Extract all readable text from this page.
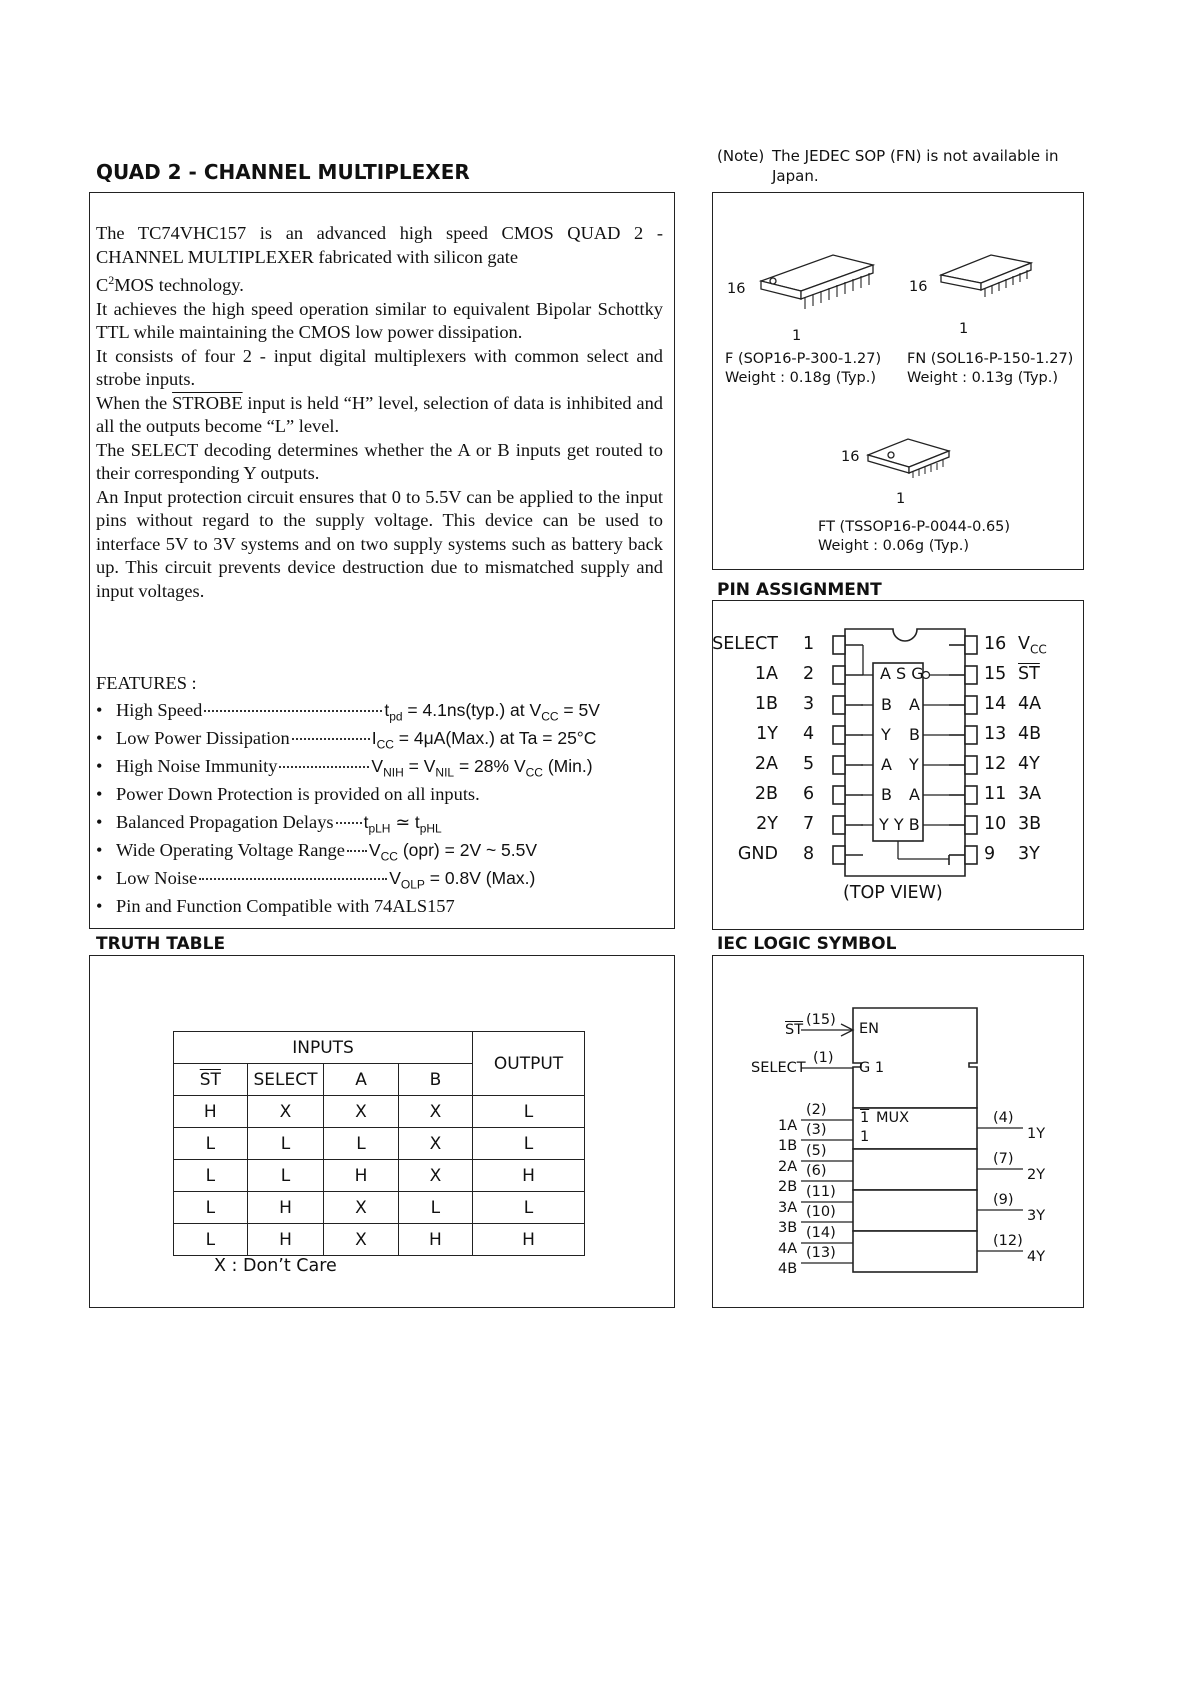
QUAD 2 - CHANNEL MULTIPLEXER
(Note) The JEDEC SOP (FN) is not available in
Japan.

The TC74VHC157 is an advanced high speed CMOS QUAD 2 - CHANNEL MULTIPLEXER fabricated with silicon gate
$C^2MOS$ technology.

It achieves the high speed operation similar to equivalent Bipolar Schottky TTL while maintaining the CMOS low power dissipation.

It consists of four 2 - input digital multiplexers with common select and strobe inputs.

When the STROBE input is held “H” level, selection of data is inhibited and all the outputs become “L” level.

The SELECT decoding determines whether the A or B inputs get routed to their corresponding Y outputs.

An Input protection circuit ensures that 0 to 5.5V can be applied to the input pins without regard to the supply voltage. This device can be used to interface 5V to 3V systems and on two supply systems such as battery back up. This circuit prevents device destruction due to mismatched supply and input voltages.

FEATURES :
• High Speed	$t_{pd} = 4.1ns(typ.)$ at $V_{CC} = 5V$
• Low Power Dissipation	$I_{CC} = 4\mu A(Max.)$ at Ta = 25°C
• High Noise Immunity	$V_{NIH} = V_{NIL} = 28\%$ $V_{CC}$ (Min.)
• Power Down Protection is provided on all inputs.
• Balanced Propagation Delays $t_{pLH}$ ≃ $t_{pHL}$
• Wide Operating Voltage Range $V_{CC}$ (opr) = 2V ~ 5.5V
• Low Noise	$V_{OLP} = 0.8V$ (Max.)
• Pin and Function Compatible with 74ALS157
16
1
F (SOP16-P-300-1.27)
Weight : 0.18g (Typ.)
16
1
FN (SOL16-P-150-1.27)
Weight : 0.13g (Typ.)
16
1
FT (TSSOP16-P-0044-0.65)
Weight : 0.06g (Typ.)
PIN ASSIGNMENT
A S G
B A
Y B
A Y
B A
Y Y B
(TOP VIEW)
SELECT 1
1A 2
1B 3
1Y 4
2A 5
2B 6
2Y 7
GND 8
16 $V_{CC}$
15 $\overline{ST}$
14 4A
13 4B
12 4Y
11 3A
10 3B
9 3Y
TRUTH TABLE
INPUTS				OUTPUT
$\overline{ST}$	SELECT	A	B	
H	X	X	X	L
L	L	L	X	L
L	L	H	X	H
L	H	X	L	L
L	H	X	H	H
X : Don’t Care
IEC LOGIC SYMBOL
$\overline{ST}$
(15)
EN
SELECT
(1)
G 1
1 MUX
1
1A
(2)
1B
(3)
2A
(5)
2B
(6)
3A
(11)
3B
(10)
4A
(14)
4B
(13)
(4)
1Y
(7)
2Y
(9)
3Y
(12)
4Y
